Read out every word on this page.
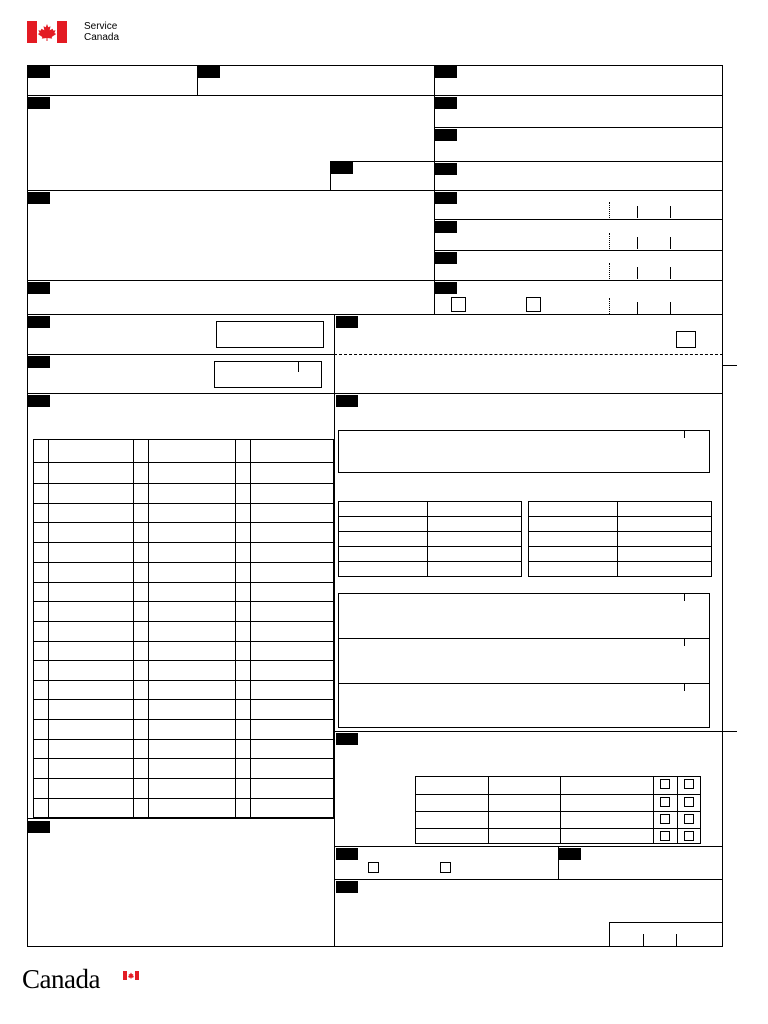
Service
Canada
Canada
